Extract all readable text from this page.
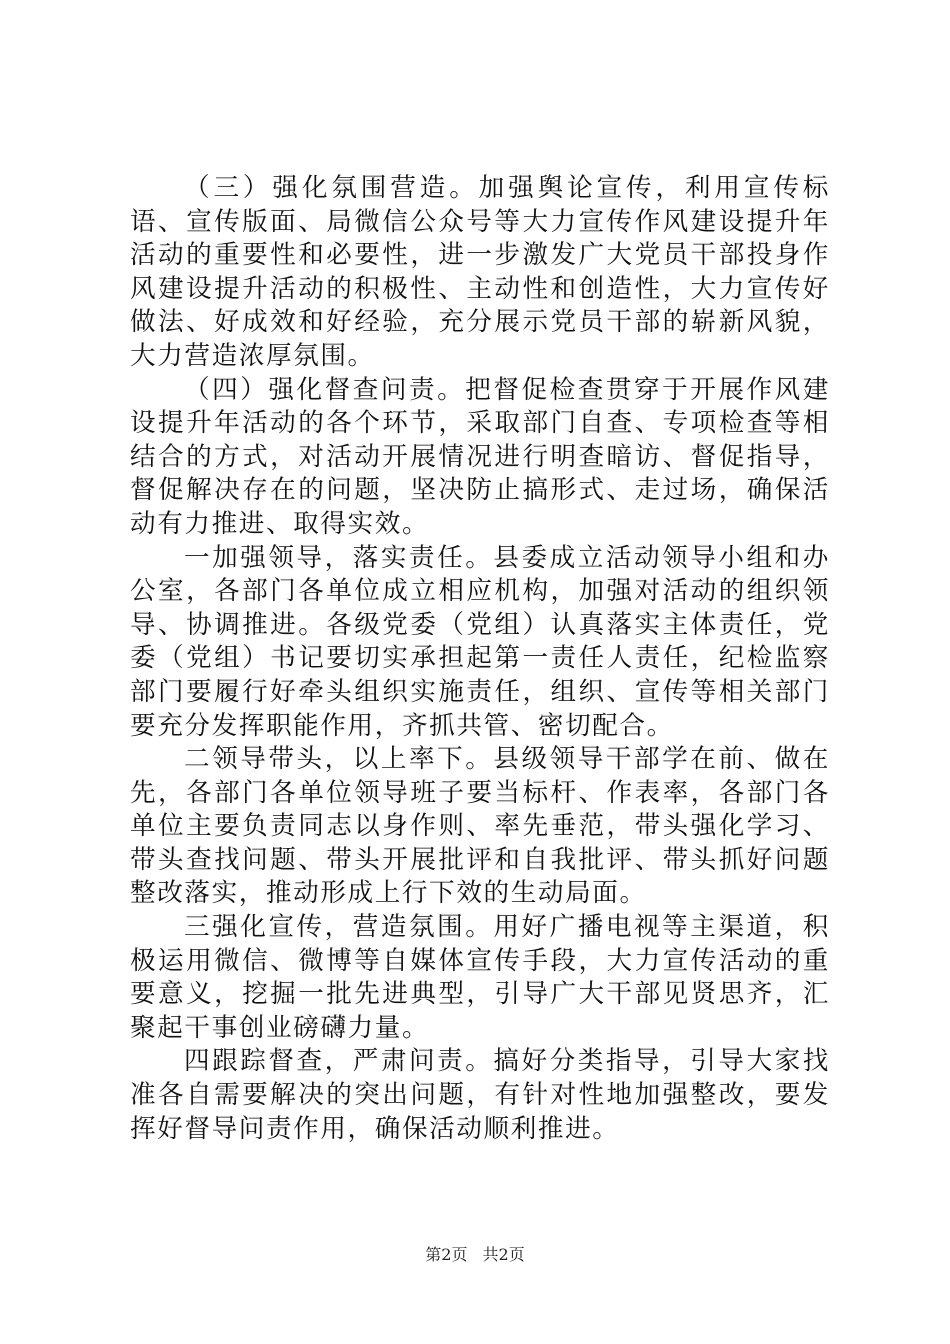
（三）强化氛围营造。加强舆论宣传，利用宣传标语、宣传版面、局微信公众号等大力宣传作风建设提升年活动的重要性和必要性，进一步激发广大党员干部投身作风建设提升活动的积极性、主动性和创造性，大力宣传好做法、好成效和好经验，充分展示党员干部的崭新风貌，大力营造浓厚氛围。

（四）强化督查问责。把督促检查贯穿于开展作风建设提升年活动的各个环节，采取部门自查、专项检查等相结合的方式，对活动开展情况进行明查暗访、督促指导，督促解决存在的问题，坚决防止搞形式、走过场，确保活动有力推进、取得实效。

一加强领导，落实责任。县委成立活动领导小组和办公室，各部门各单位成立相应机构，加强对活动的组织领导、协调推进。各级党委（党组）认真落实主体责任，党委（党组）书记要切实承担起第一责任人责任，纪检监察部门要履行好牵头组织实施责任，组织、宣传等相关部门要充分发挥职能作用，齐抓共管、密切配合。

二领导带头，以上率下。县级领导干部学在前、做在先，各部门各单位领导班子要当标杆、作表率，各部门各单位主要负责同志以身作则、率先垂范，带头强化学习、带头查找问题、带头开展批评和自我批评、带头抓好问题整改落实，推动形成上行下效的生动局面。

三强化宣传，营造氛围。用好广播电视等主渠道，积极运用微信、微博等自媒体宣传手段，大力宣传活动的重要意义，挖掘一批先进典型，引导广大干部见贤思齐，汇聚起干事创业磅礴力量。

四跟踪督查，严肃问责。搞好分类指导，引导大家找准各自需要解决的突出问题，有针对性地加强整改，要发挥好督导问责作用，确保活动顺利推进。

第2页 共2页
